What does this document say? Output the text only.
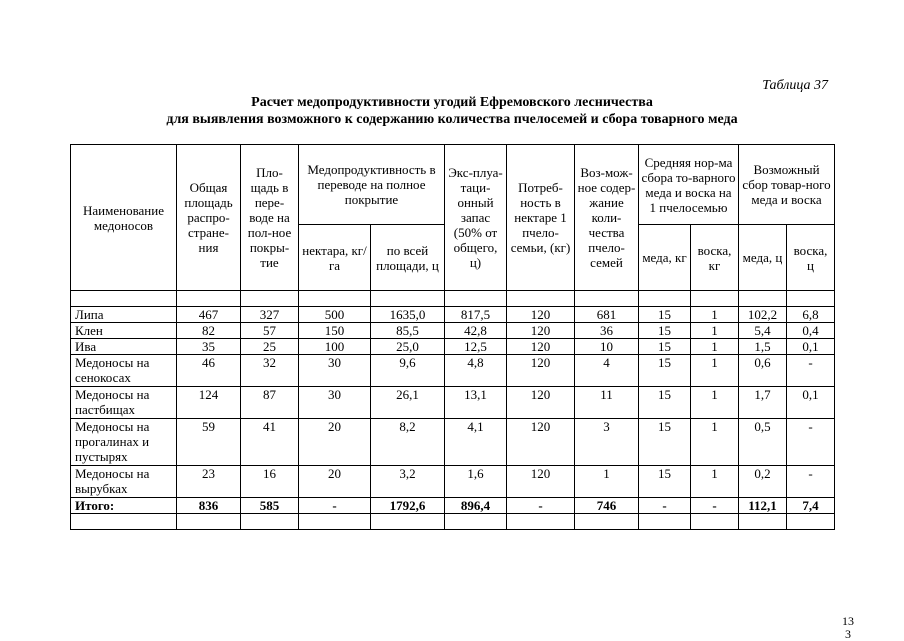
Таблица 37
Расчет медопродуктивности угодий Ефремовского лесничества
для выявления возможного к содержанию количества пчелосемей и сбора товарного меда
Наименование медоносов	Общая площадь распро-стране-ния	Пло-щадь в пере-воде на пол-ное покры-тие	Медопродуктивность в переводе на полное покрытие		Экс-плуа-таци-онный запас (50% от общего, ц)	Потреб-ность в нектаре 1 пчело-семьи, (кг)	Воз-мож-ное содер-жание коли-чества пчело-семей	Средняя нор-ма сбора то-варного меда и воска на 1 пчелосемью		Возможный сбор товар-ного меда и воска	
			нектара, кг/га	по всей площади, ц				меда, кг	воска, кг	меда, ц	воска, ц

Липа	467	327	500	1635,0	817,5	120	681	15	1	102,2	6,8
Клен	82	57	150	85,5	42,8	120	36	15	1	5,4	0,4
Ива	35	25	100	25,0	12,5	120	10	15	1	1,5	0,1
Медоносы на сенокосах	46	32	30	9,6	4,8	120	4	15	1	0,6	-
Медоносы на пастбищах	124	87	30	26,1	13,1	120	11	15	1	1,7	0,1
Медоносы на прогалинах и пустырях	59	41	20	8,2	4,1	120	3	15	1	0,5	-
Медоносы на вырубках	23	16	20	3,2	1,6	120	1	15	1	0,2	-
Итого:	836	585	-	1792,6	896,4	-	746	-	-	112,1	7,4

13
3
